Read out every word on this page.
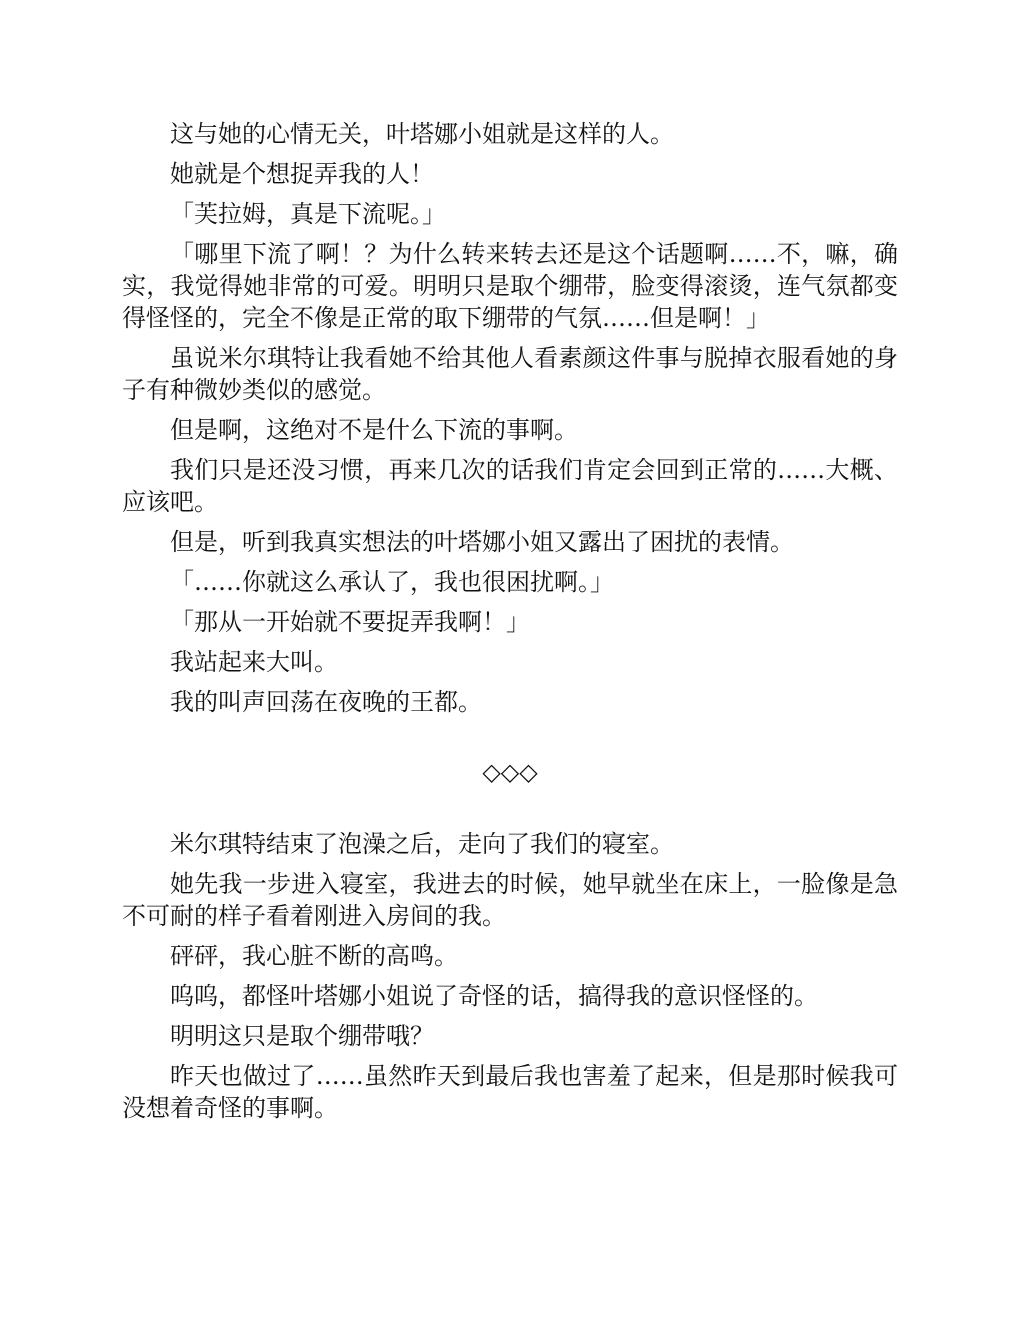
这与她的心情无关，叶塔娜小姐就是这样的人。

她就是个想捉弄我的人！

「芙拉姆，真是下流呢。」

「哪里下流了啊！？为什么转来转去还是这个话题啊……不，嘛，确实，我觉得她非常的可爱。明明只是取个绷带，脸变得滚烫，连气氛都变得怪怪的，完全不像是正常的取下绷带的气氛……但是啊！」

虽说米尔琪特让我看她不给其他人看素颜这件事与脱掉衣服看她的身子有种微妙类似的感觉。

但是啊，这绝对不是什么下流的事啊。

我们只是还没习惯，再来几次的话我们肯定会回到正常的……大概、应该吧。

但是，听到我真实想法的叶塔娜小姐又露出了困扰的表情。

「……你就这么承认了，我也很困扰啊。」

「那从一开始就不要捉弄我啊！」

我站起来大叫。

我的叫声回荡在夜晚的王都。

◇◇◇

米尔琪特结束了泡澡之后，走向了我们的寝室。

她先我一步进入寝室，我进去的时候，她早就坐在床上，一脸像是急不可耐的样子看着刚进入房间的我。

砰砰，我心脏不断的高鸣。

呜呜，都怪叶塔娜小姐说了奇怪的话，搞得我的意识怪怪的。

明明这只是取个绷带哦？

昨天也做过了……虽然昨天到最后我也害羞了起来，但是那时候我可没想着奇怪的事啊。
